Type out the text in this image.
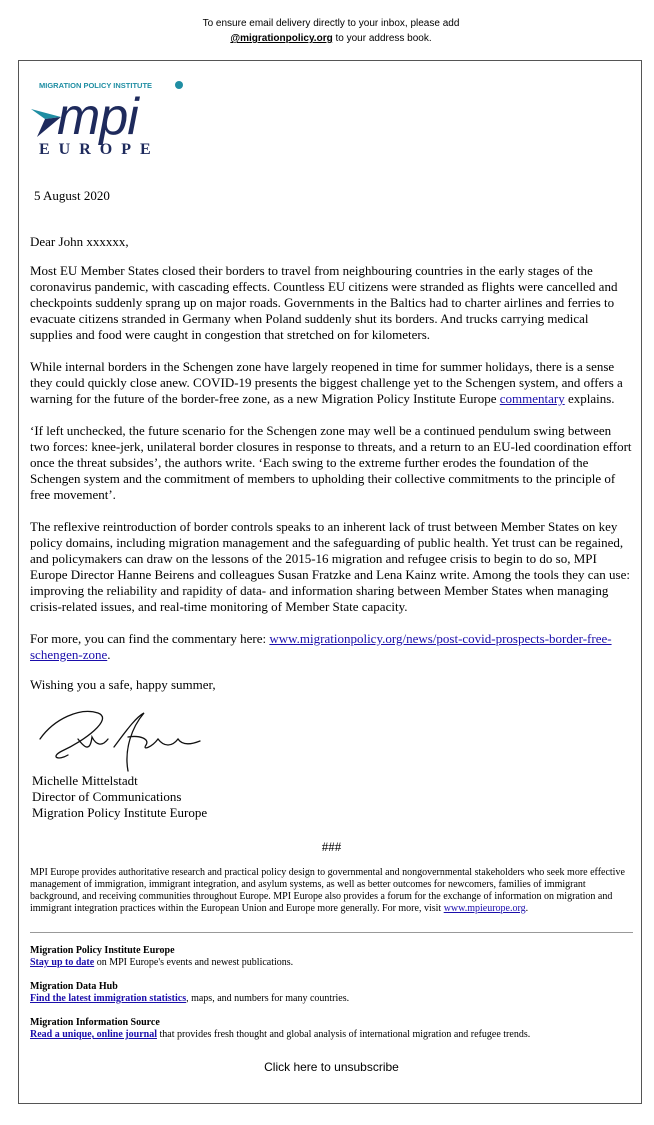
To ensure email delivery directly to your inbox, please add
@migrationpolicy.org to your address book.
MIGRATION POLICY INSTITUTE
mpi
EUROPE
5 August 2020

Dear John xxxxxx,

Most EU Member States closed their borders to travel from neighbouring countries in the early stages of the coronavirus pandemic, with cascading effects. Countless EU citizens were stranded as flights were cancelled and checkpoints suddenly sprang up on major roads. Governments in the Baltics had to charter airlines and ferries to evacuate citizens stranded in Germany when Poland suddenly shut its borders. And trucks carrying medical supplies and food were caught in congestion that stretched on for kilometers.

While internal borders in the Schengen zone have largely reopened in time for summer holidays, there is a sense they could quickly close anew. COVID-19 presents the biggest challenge yet to the Schengen system, and offers a warning for the future of the border-free zone, as a new Migration Policy Institute Europe commentary explains.

‘If left unchecked, the future scenario for the Schengen zone may well be a continued pendulum swing between two forces: knee-jerk, unilateral border closures in response to threats, and a return to an EU-led coordination effort once the threat subsides’, the authors write. ‘Each swing to the extreme further erodes the foundation of the Schengen system and the commitment of members to upholding their collective commitments to the principle of free movement’.

The reflexive reintroduction of border controls speaks to an inherent lack of trust between Member States on key policy domains, including migration management and the safeguarding of public health. Yet trust can be regained, and policymakers can draw on the lessons of the 2015-16 migration and refugee crisis to begin to do so, MPI Europe Director Hanne Beirens and colleagues Susan Fratzke and Lena Kainz write. Among the tools they can use: improving the reliability and rapidity of data- and information sharing between Member States when managing crisis-related issues, and real-time monitoring of Member State capacity.

For more, you can find the commentary here: www.migrationpolicy.org/news/post-covid-prospects-border-free-schengen-zone.

Wishing you a safe, happy summer,

Michelle Mittelstadt
Director of Communications
Migration Policy Institute Europe
###
MPI Europe provides authoritative research and practical policy design to governmental and nongovernmental stakeholders who seek more effective management of immigration, immigrant integration, and asylum systems, as well as better outcomes for newcomers, families of immigrant background, and receiving communities throughout Europe. MPI Europe also provides a forum for the exchange of information on migration and immigrant integration practices within the European Union and Europe more generally. For more, visit www.mpieurope.org.
Migration Policy Institute Europe
Stay up to date on MPI Europe's events and newest publications.
Migration Data Hub
Find the latest immigration statistics, maps, and numbers for many countries.
Migration Information Source
Read a unique, online journal that provides fresh thought and global analysis of international migration and refugee trends.
Click here to unsubscribe
